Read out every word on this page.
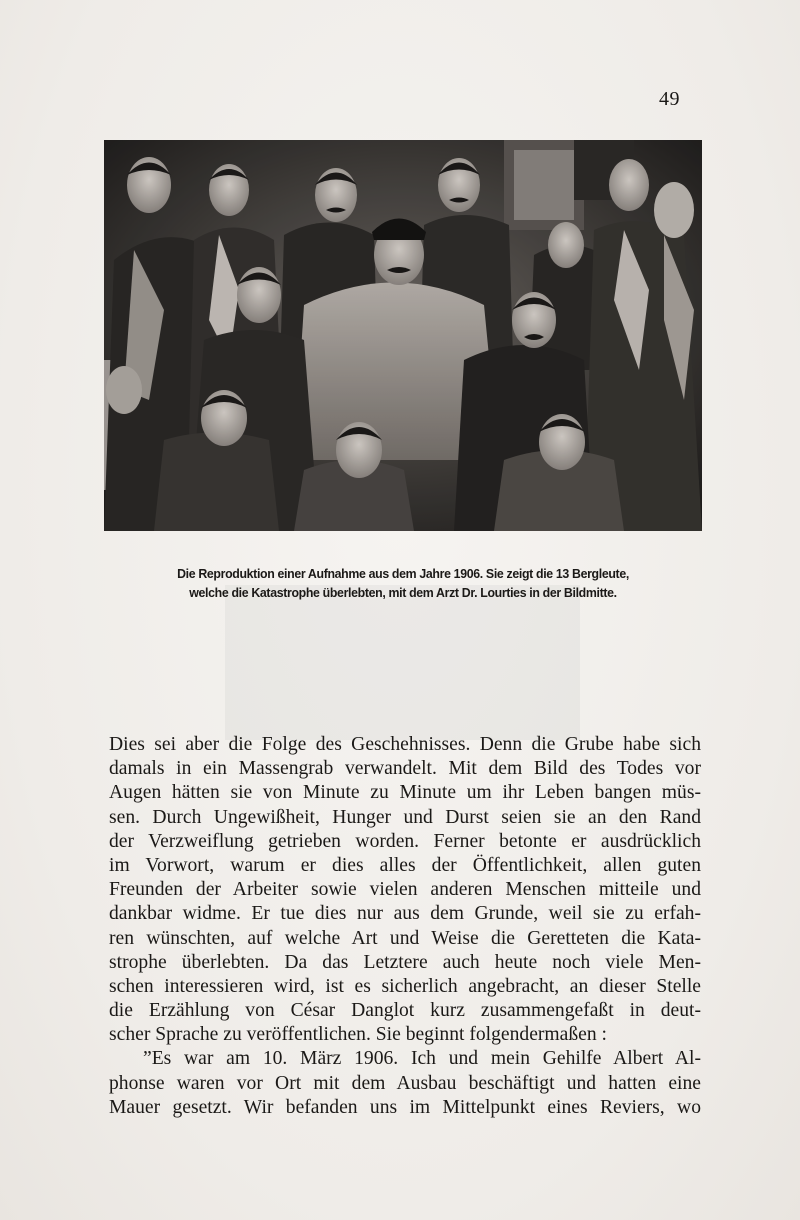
49
Die Reproduktion einer Aufnahme aus dem Jahre 1906. Sie zeigt die 13 Bergleute,
welche die Katastrophe überlebten, mit dem Arzt Dr. Lourties in der Bildmitte.
Dies sei aber die Folge des Geschehnisses. Denn die Grube habe sich
damals in ein Massengrab verwandelt. Mit dem Bild des Todes vor
Augen hätten sie von Minute zu Minute um ihr Leben bangen müs-
sen. Durch Ungewißheit, Hunger und Durst seien sie an den Rand
der Verzweiflung getrieben worden. Ferner betonte er ausdrücklich
im Vorwort, warum er dies alles der Öffentlichkeit, allen guten
Freunden der Arbeiter sowie vielen anderen Menschen mitteile und
dankbar widme. Er tue dies nur aus dem Grunde, weil sie zu erfah-
ren wünschten, auf welche Art und Weise die Geretteten die Kata-
strophe überlebten. Da das Letztere auch heute noch viele Men-
schen interessieren wird, ist es sicherlich angebracht, an dieser Stelle
die Erzählung von César Danglot kurz zusammengefaßt in deut-
scher Sprache zu veröffentlichen. Sie beginnt folgendermaßen :
”Es war am 10. März 1906. Ich und mein Gehilfe Albert Al-
phonse waren vor Ort mit dem Ausbau beschäftigt und hatten eine
Mauer gesetzt. Wir befanden uns im Mittelpunkt eines Reviers, wo
